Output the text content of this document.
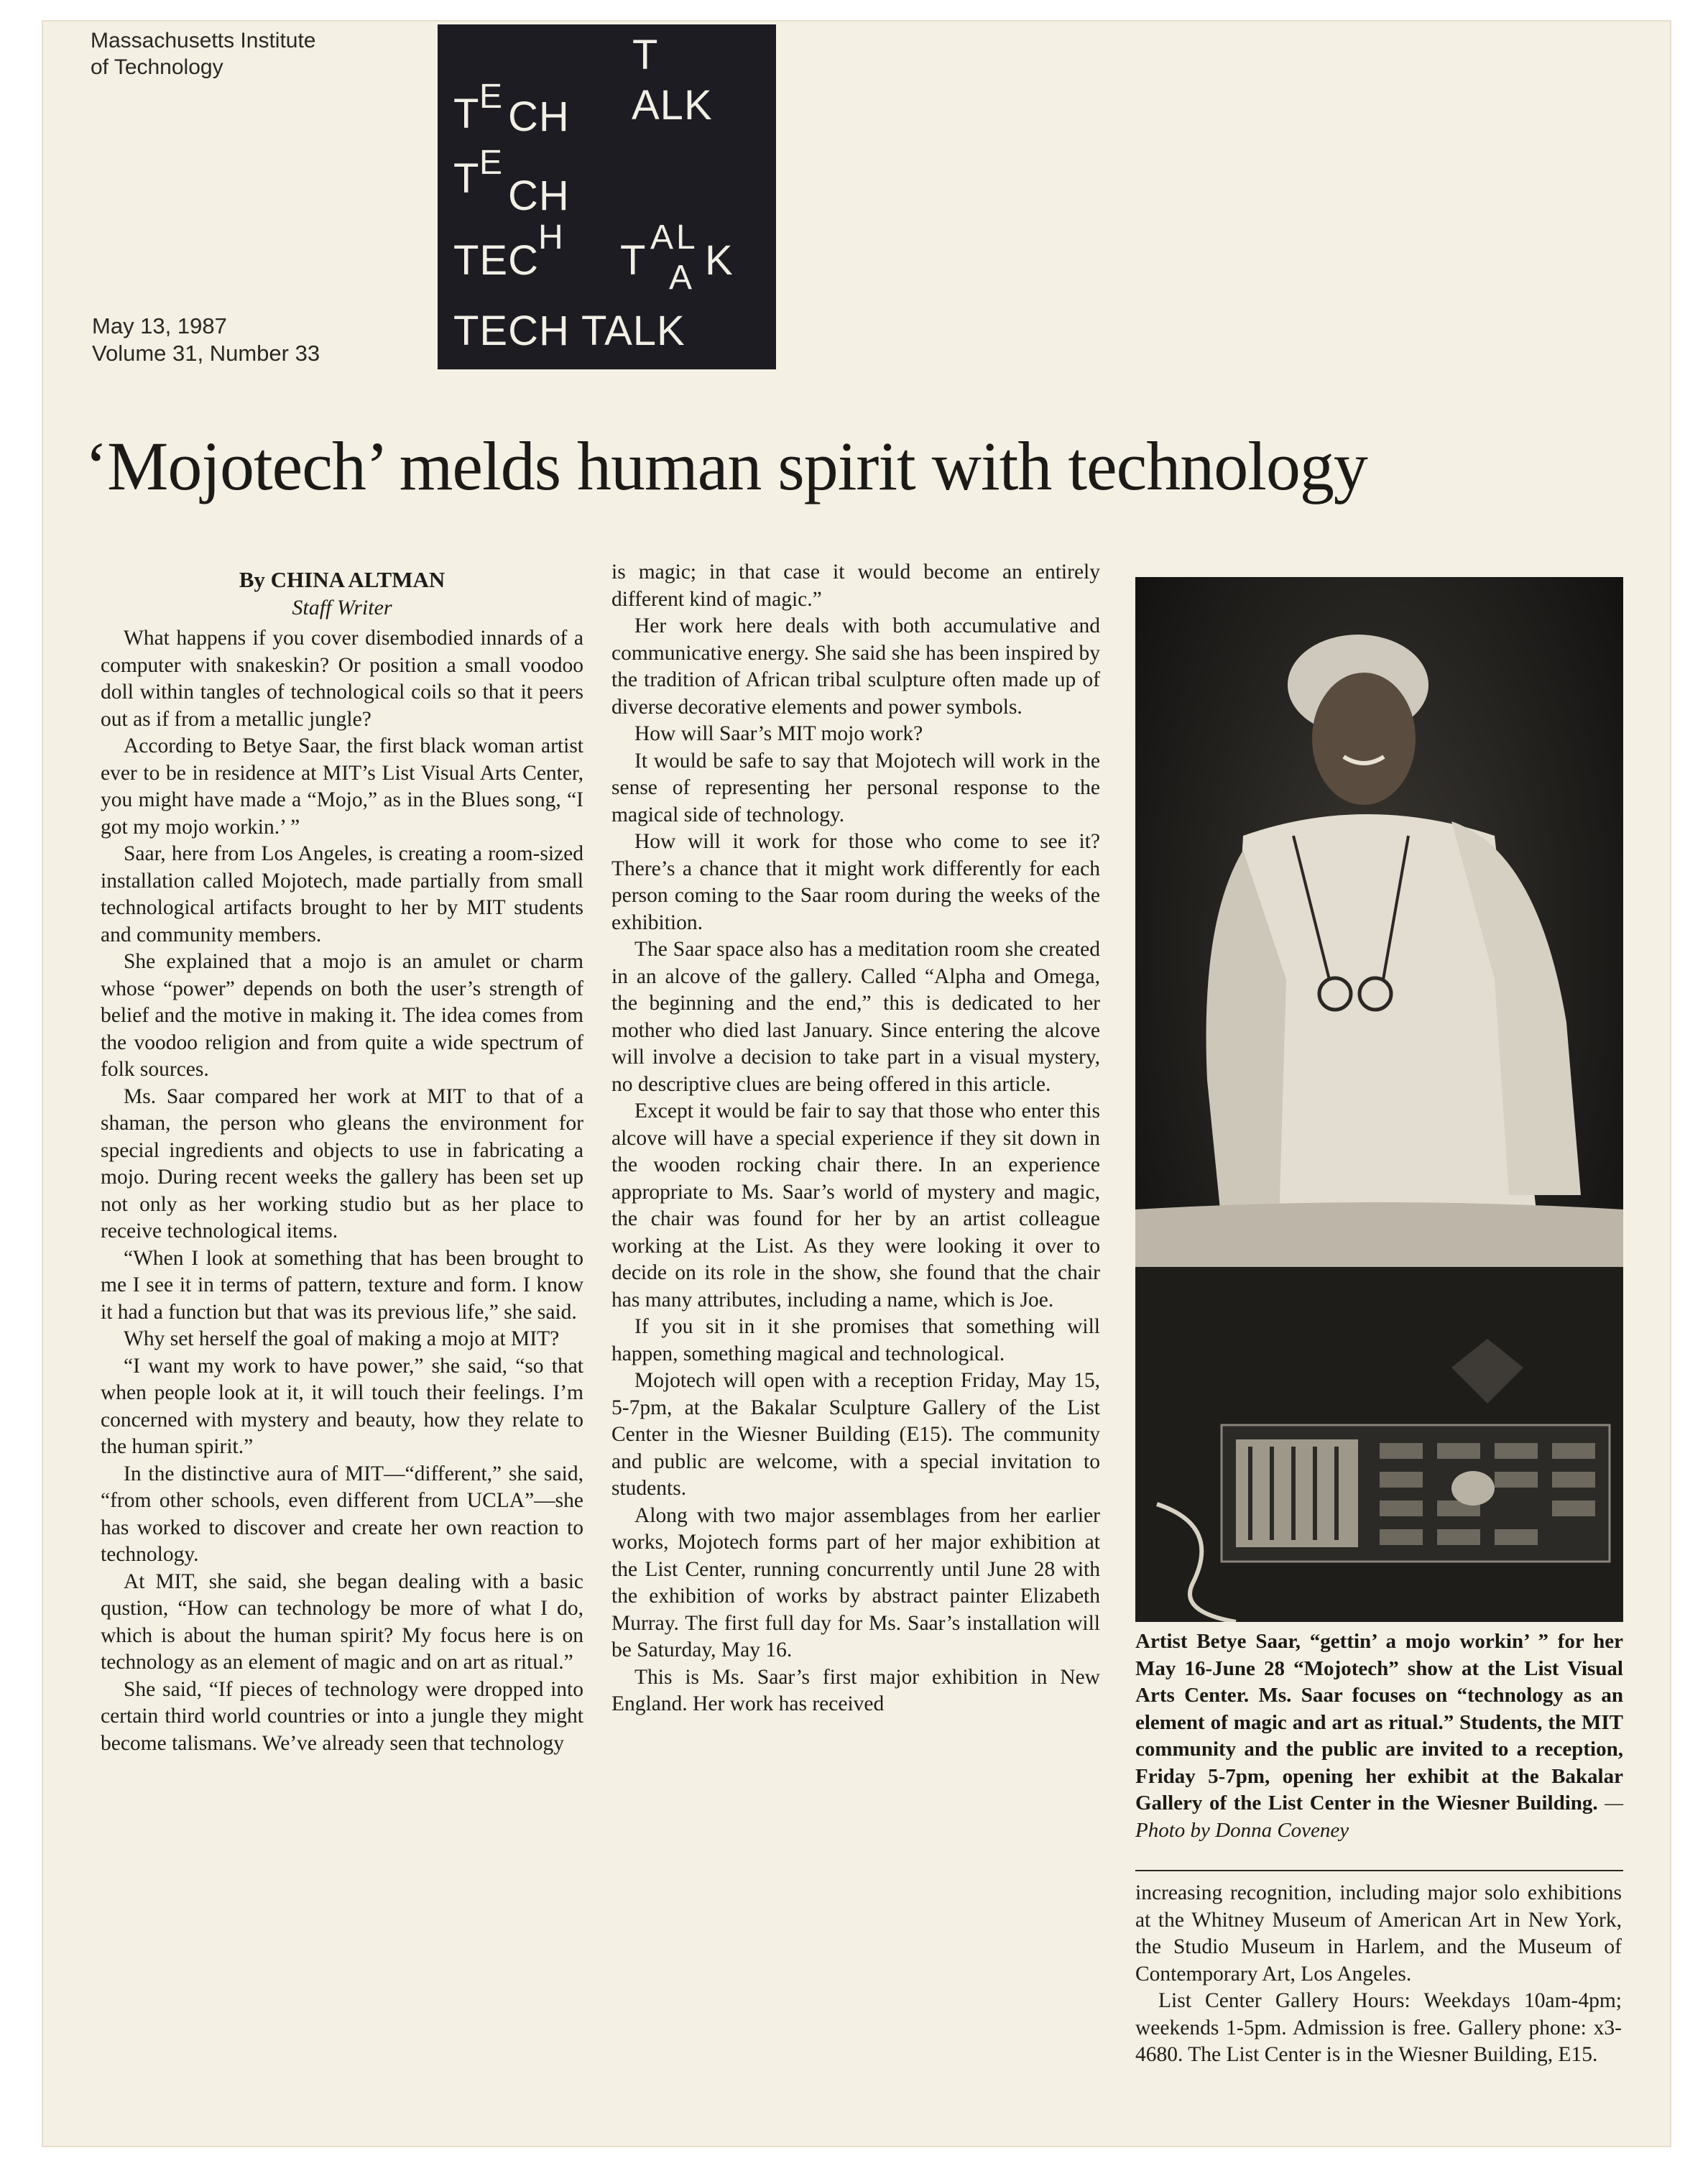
Massachusetts Institute
of Technology	T
T E CH ALK
T E
CH
TEC H T A L
A K
TECH TALK
May 13, 1987
Volume 31, Number 33
‘Mojotech’ melds human spirit with technology
By CHINA ALTMAN
Staff Writer

What happens if you cover disembodied innards of a computer with snakeskin? Or position a small voodoo doll within tangles of technological coils so that it peers out as if from a metallic jungle?

According to Betye Saar, the first black woman artist ever to be in residence at MIT’s List Visual Arts Center, you might have made a “Mojo,” as in the Blues song, “I got my mojo workin.’ ”

Saar, here from Los Angeles, is creating a room-sized installation called Mojotech, made partially from small technological artifacts brought to her by MIT students and community members.

She explained that a mojo is an amulet or charm whose “power” depends on both the user’s strength of belief and the motive in making it. The idea comes from the voodoo religion and from quite a wide spectrum of folk sources.

Ms. Saar compared her work at MIT to that of a shaman, the person who gleans the environment for special ingredients and objects to use in fabricating a mojo. During recent weeks the gallery has been set up not only as her working studio but as her place to receive technological items.

“When I look at something that has been brought to me I see it in terms of pattern, texture and form. I know it had a function but that was its previous life,” she said.

Why set herself the goal of making a mojo at MIT?

“I want my work to have power,” she said, “so that when people look at it, it will touch their feelings. I’m concerned with mystery and beauty, how they relate to the human spirit.”

In the distinctive aura of MIT—“different,” she said, “from other schools, even different from UCLA”—she has worked to discover and create her own reaction to technology.

At MIT, she said, she began dealing with a basic qustion, “How can technology be more of what I do, which is about the human spirit? My focus here is on technology as an element of magic and on art as ritual.”

She said, “If pieces of technology were dropped into certain third world countries or into a jungle they might become talismans. We’ve already seen that technology

is magic; in that case it would become an entirely different kind of magic.”

Her work here deals with both accumulative and communicative energy. She said she has been inspired by the tradition of African tribal sculpture often made up of diverse decorative elements and power symbols.

How will Saar’s MIT mojo work?

It would be safe to say that Mojotech will work in the sense of representing her personal response to the magical side of technology.

How will it work for those who come to see it? There’s a chance that it might work differently for each person coming to the Saar room during the weeks of the exhibition.

The Saar space also has a meditation room she created in an alcove of the gallery. Called “Alpha and Omega, the beginning and the end,” this is dedicated to her mother who died last January. Since entering the alcove will involve a decision to take part in a visual mystery, no descriptive clues are being offered in this article.

Except it would be fair to say that those who enter this alcove will have a special experience if they sit down in the wooden rocking chair there. In an experience appropriate to Ms. Saar’s world of mystery and magic, the chair was found for her by an artist colleague working at the List. As they were looking it over to decide on its role in the show, she found that the chair has many attributes, including a name, which is Joe.

If you sit in it she promises that something will happen, something magical and technological.

Mojotech will open with a reception Friday, May 15, 5-7pm, at the Bakalar Sculpture Gallery of the List Center in the Wiesner Building (E15). The community and public are welcome, with a special invitation to students.

Along with two major assemblages from her earlier works, Mojotech forms part of her major exhibition at the List Center, running concurrently until June 28 with the exhibition of works by abstract painter Elizabeth Murray. The first full day for Ms. Saar’s installation will be Saturday, May 16.

This is Ms. Saar’s first major exhibition in New England. Her work has received

Artist Betye Saar, “gettin’ a mojo workin’ ” for her May 16-June 28 “Mojotech” show at the List Visual Arts Center. Ms. Saar focuses on “technology as an element of magic and art as ritual.” Students, the MIT community and the public are invited to a reception, Friday 5-7pm, opening her exhibit at the Bakalar Gallery of the List Center in the Wiesner Building. —Photo by Donna Coveney

increasing recognition, including major solo exhibitions at the Whitney Museum of American Art in New York, the Studio Museum in Harlem, and the Museum of Contemporary Art, Los Angeles.

List Center Gallery Hours: Weekdays 10am-4pm; weekends 1-5pm. Admission is free. Gallery phone: x3-4680. The List Center is in the Wiesner Building, E15.
